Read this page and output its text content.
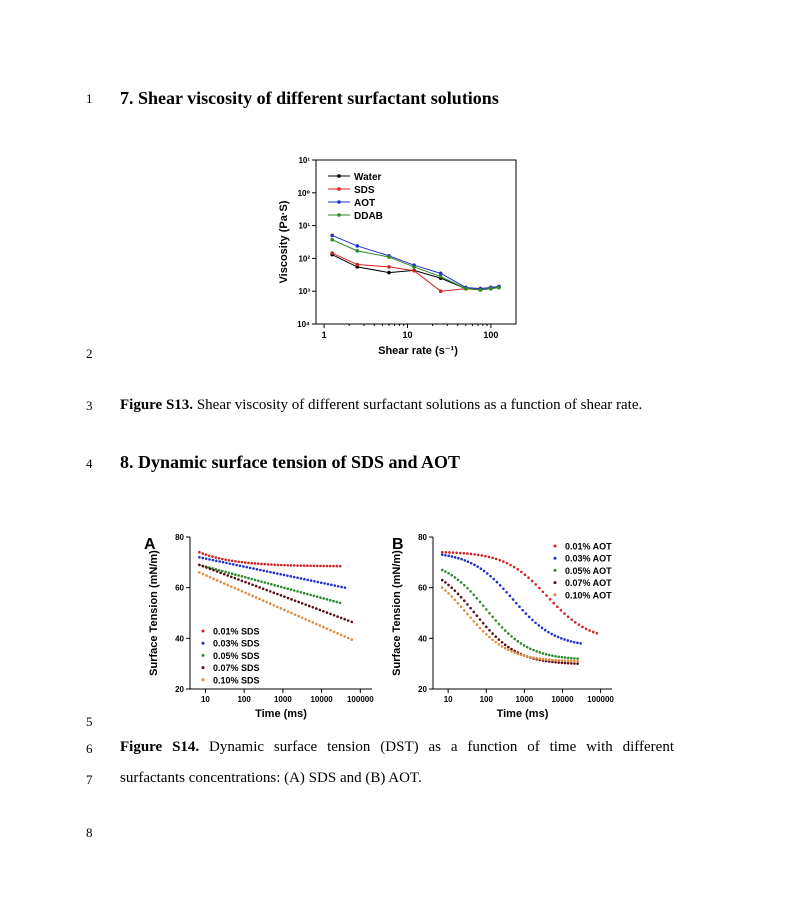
1 7. Shear viscosity of different surfactant solutions
2
3 Figure S13. Shear viscosity of different surfactant solutions as a function of shear rate.
4 8. Dynamic surface tension of SDS and AOT
5
6 Figure S14. Dynamic surface tension (DST) as a function of time with different
7 surfactants concentrations: (A) SDS and (B) AOT.
8
1	10	100
10⁴
10³
10²
10¹
10⁰
10¹
Shear rate (s⁻¹)
Viscosity (Pa·S)
Water
SDS
AOT
DDAB
10	100	1000 10000 100000
20
40
60
80
Time (ms)
Surface Tension (mN/m)
A
0.01% SDS
0.03% SDS
0.05% SDS
0.07% SDS
0.10% SDS
10	100	1000 10000 100000
20
40
60
80
Time (ms)
Surface Tension (mN/m)
B	0.01% AOT
0.03% AOT
0.05% AOT
0.07% AOT
0.10% AOT
